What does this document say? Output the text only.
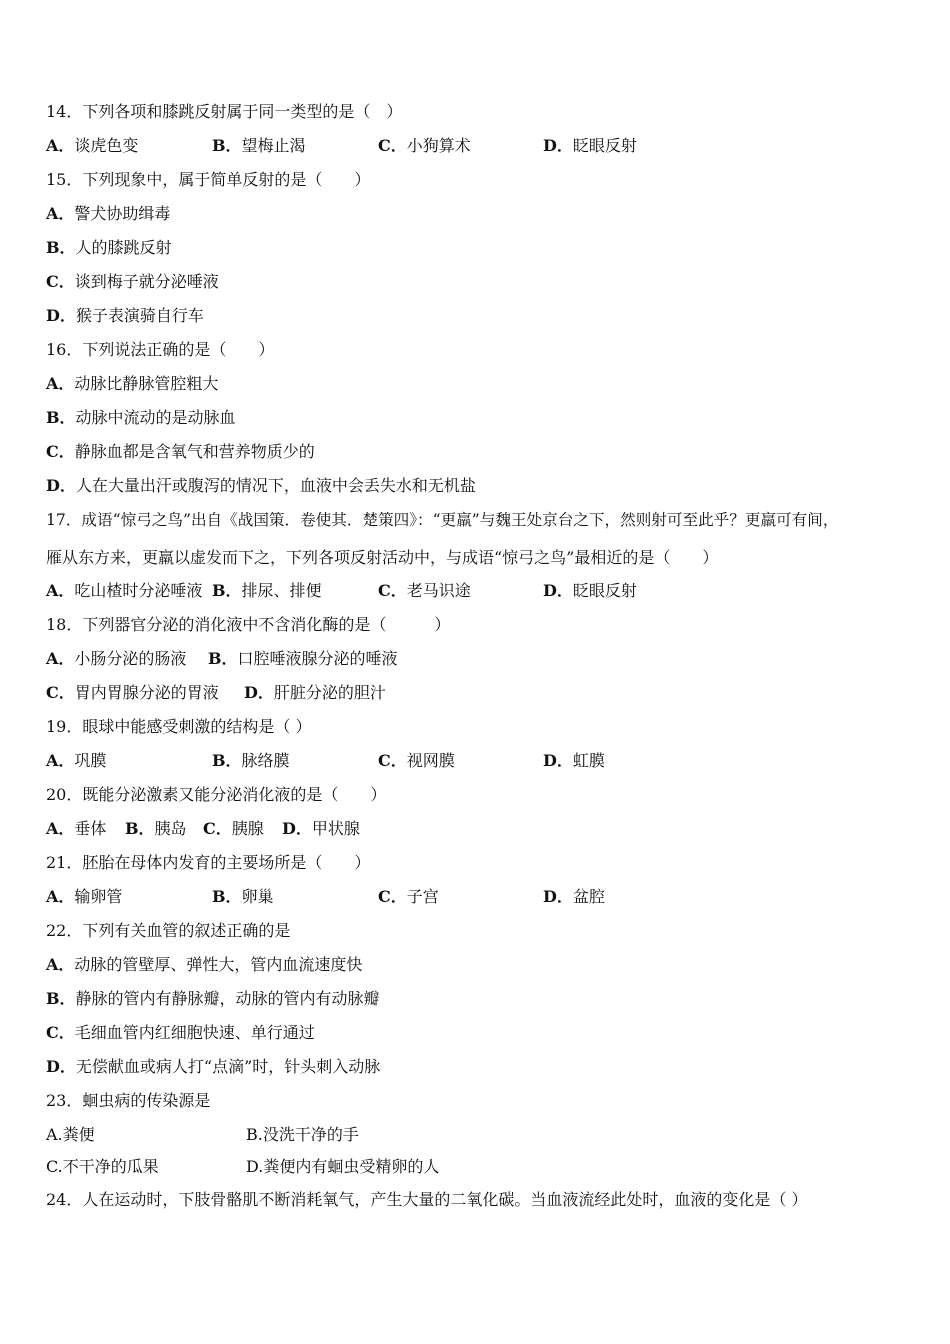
14．下列各项和膝跳反射属于同一类型的是（　）
A．谈虎色变	B．望梅止渴	C．小狗算术	D．眨眼反射
15．下列现象中，属于简单反射的是（　　）
A．警犬协助缉毒
B．人的膝跳反射
C．谈到梅子就分泌唾液
D．猴子表演骑自行车
16．下列说法正确的是（　　）
A．动脉比静脉管腔粗大
B．动脉中流动的是动脉血
C．静脉血都是含氧气和营养物质少的
D．人在大量出汗或腹泻的情况下，血液中会丢失水和无机盐
17．成语“惊弓之鸟”出自《战国策．卷使其．楚策四》：“更羸”与魏王处京台之下，然则射可至此乎？更羸可有间，
雁从东方来，更羸以虚发而下之，下列各项反射活动中，与成语“惊弓之鸟”最相近的是（　　）
A．吃山楂时分泌唾液 B．排尿、排便	C．老马识途	D．眨眼反射
18．下列器官分泌的消化液中不含消化酶的是（　　　）
A．小肠分泌的肠液 B．口腔唾液腺分泌的唾液
C．胃内胃腺分泌的胃液 D．肝脏分泌的胆汁
19．眼球中能感受刺激的结构是（ ）
A．巩膜	B．脉络膜	C．视网膜	D．虹膜
20．既能分泌激素又能分泌消化液的是（　　）
A．垂体 B．胰岛 C．胰腺 D．甲状腺
21．胚胎在母体内发育的主要场所是（　　）
A．输卵管	B．卵巢	C．子宫	D．盆腔
22．下列有关血管的叙述正确的是
A．动脉的管壁厚、弹性大，管内血流速度快
B．静脉的管内有静脉瓣，动脉的管内有动脉瓣
C．毛细血管内红细胞快速、单行通过
D．无偿献血或病人打“点滴”时，针头刺入动脉
23．蛔虫病的传染源是
A.粪便	B.没洗干净的手
C.不干净的瓜果	D.粪便内有蛔虫受精卵的人
24．人在运动时，下肢骨骼肌不断消耗氧气，产生大量的二氧化碳。当血液流经此处时，血液的变化是（ ）
